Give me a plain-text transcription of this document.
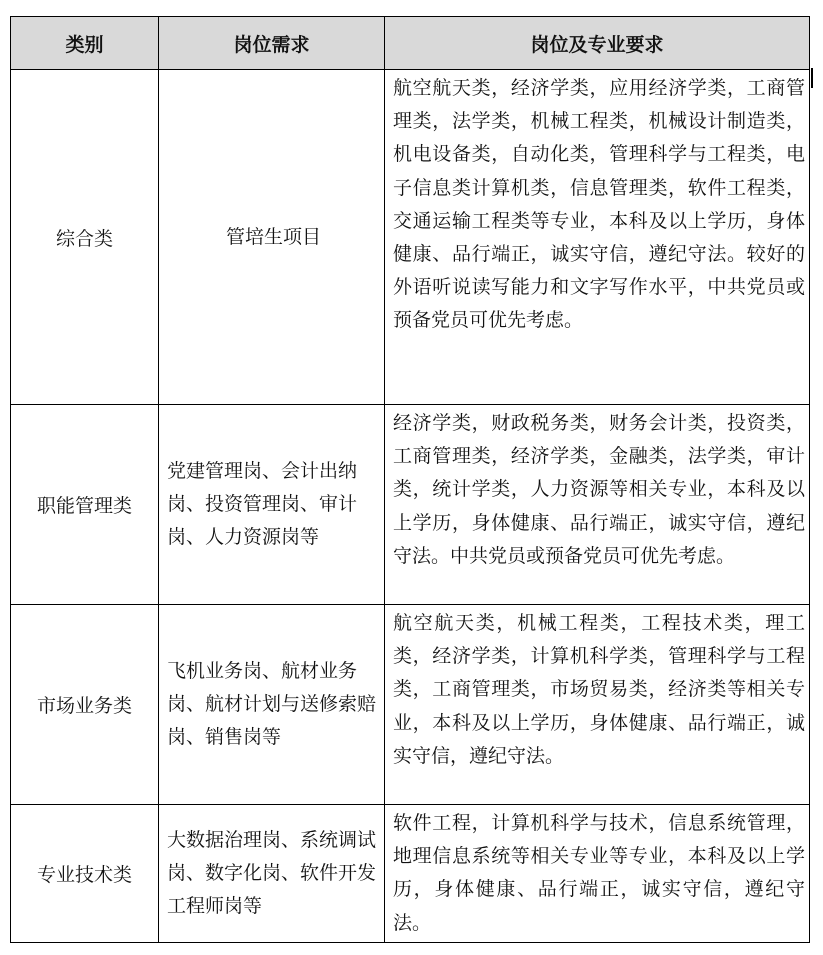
类别	岗位需求	岗位及专业要求
综合类	管培生项目	航空航天类，经济学类，应用经济学类，工商管理类，法学类，机械工程类，机械设计制造类，机电设备类，自动化类，管理科学与工程类，电子信息类计算机类，信息管理类，软件工程类，交通运输工程类等专业，本科及以上学历，身体健康、品行端正，诚实守信，遵纪守法。较好的外语听说读写能力和文字写作水平，中共党员或预备党员可优先考虑。
职能管理类	党建管理岗、会计出纳岗、投资管理岗、审计岗、人力资源岗等	经济学类，财政税务类，财务会计类，投资类，工商管理类，经济学类，金融类，法学类，审计类，统计学类，人力资源等相关专业，本科及以上学历，身体健康、品行端正，诚实守信，遵纪守法。中共党员或预备党员可优先考虑。
市场业务类	飞机业务岗、航材业务岗、航材计划与送修索赔岗、销售岗等	航空航天类，机械工程类，工程技术类，理工类，经济学类，计算机科学类，管理科学与工程类，工商管理类，市场贸易类，经济类等相关专业，本科及以上学历，身体健康、品行端正，诚实守信，遵纪守法。
专业技术类	大数据治理岗、系统调试岗、数字化岗、软件开发工程师岗等	软件工程，计算机科学与技术，信息系统管理，地理信息系统等相关专业等专业，本科及以上学历，身体健康、品行端正，诚实守信，遵纪守法。
